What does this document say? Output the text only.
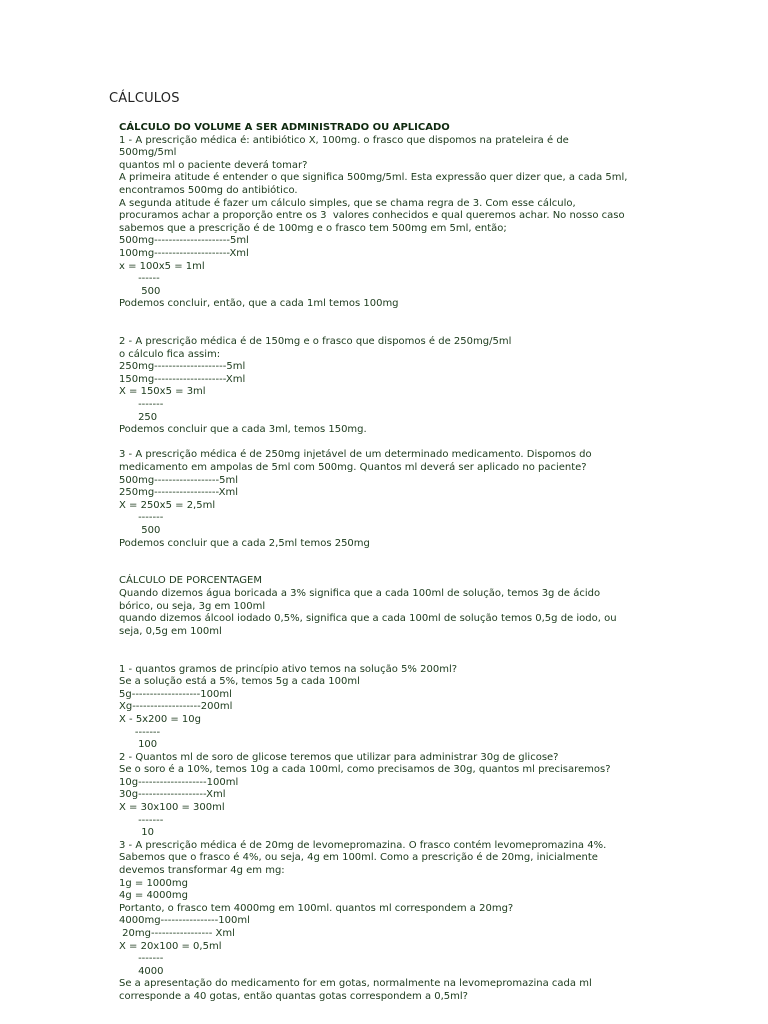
CÁLCULOS
CÁLCULO DO VOLUME A SER ADMINISTRADO OU APLICADO
1 - A prescrição médica é: antibiótico X, 100mg. o frasco que dispomos na prateleira é de
500mg/5ml
quantos ml o paciente deverá tomar?
A primeira atitude é entender o que significa 500mg/5ml. Esta expressão quer dizer que, a cada 5ml,
encontramos 500mg do antibiótico.
A segunda atitude é fazer um cálculo simples, que se chama regra de 3. Com esse cálculo,
procuramos achar a proporção entre os 3  valores conhecidos e qual queremos achar. No nosso caso
sabemos que a prescrição é de 100mg e o frasco tem 500mg em 5ml, então;
500mg---------------------5ml
100mg---------------------Xml
x = 100x5 = 1ml
------
500
Podemos concluir, então, que a cada 1ml temos 100mg
2 - A prescrição médica é de 150mg e o frasco que dispomos é de 250mg/5ml
o cálculo fica assim:
250mg--------------------5ml
150mg--------------------Xml
X = 150x5 = 3ml
-------
250
Podemos concluir que a cada 3ml, temos 150mg.
3 - A prescrição médica é de 250mg injetável de um determinado medicamento. Dispomos do
medicamento em ampolas de 5ml com 500mg. Quantos ml deverá ser aplicado no paciente?
500mg------------------5ml
250mg------------------Xml
X = 250x5 = 2,5ml
-------
500
Podemos concluir que a cada 2,5ml temos 250mg
CÁLCULO DE PORCENTAGEM
Quando dizemos água boricada a 3% significa que a cada 100ml de solução, temos 3g de ácido
bórico, ou seja, 3g em 100ml
quando dizemos álcool iodado 0,5%, significa que a cada 100ml de solução temos 0,5g de iodo, ou
seja, 0,5g em 100ml
1 - quantos gramos de princípio ativo temos na solução 5% 200ml?
Se a solução está a 5%, temos 5g a cada 100ml
5g-------------------100ml
Xg-------------------200ml
X - 5x200 = 10g
-------
100
2 - Quantos ml de soro de glicose teremos que utilizar para administrar 30g de glicose?
Se o soro é a 10%, temos 10g a cada 100ml, como precisamos de 30g, quantos ml precisaremos?
10g-------------------100ml
30g-------------------Xml
X = 30x100 = 300ml
-------
10
3 - A prescrição médica é de 20mg de levomepromazina. O frasco contém levomepromazina 4%.
Sabemos que o frasco é 4%, ou seja, 4g em 100ml. Como a prescrição é de 20mg, inicialmente
devemos transformar 4g em mg:
1g = 1000mg
4g = 4000mg
Portanto, o frasco tem 4000mg em 100ml. quantos ml correspondem a 20mg?
4000mg----------------100ml
20mg----------------- Xml
X = 20x100 = 0,5ml
-------
4000
Se a apresentação do medicamento for em gotas, normalmente na levomepromazina cada ml
corresponde a 40 gotas, então quantas gotas correspondem a 0,5ml?
